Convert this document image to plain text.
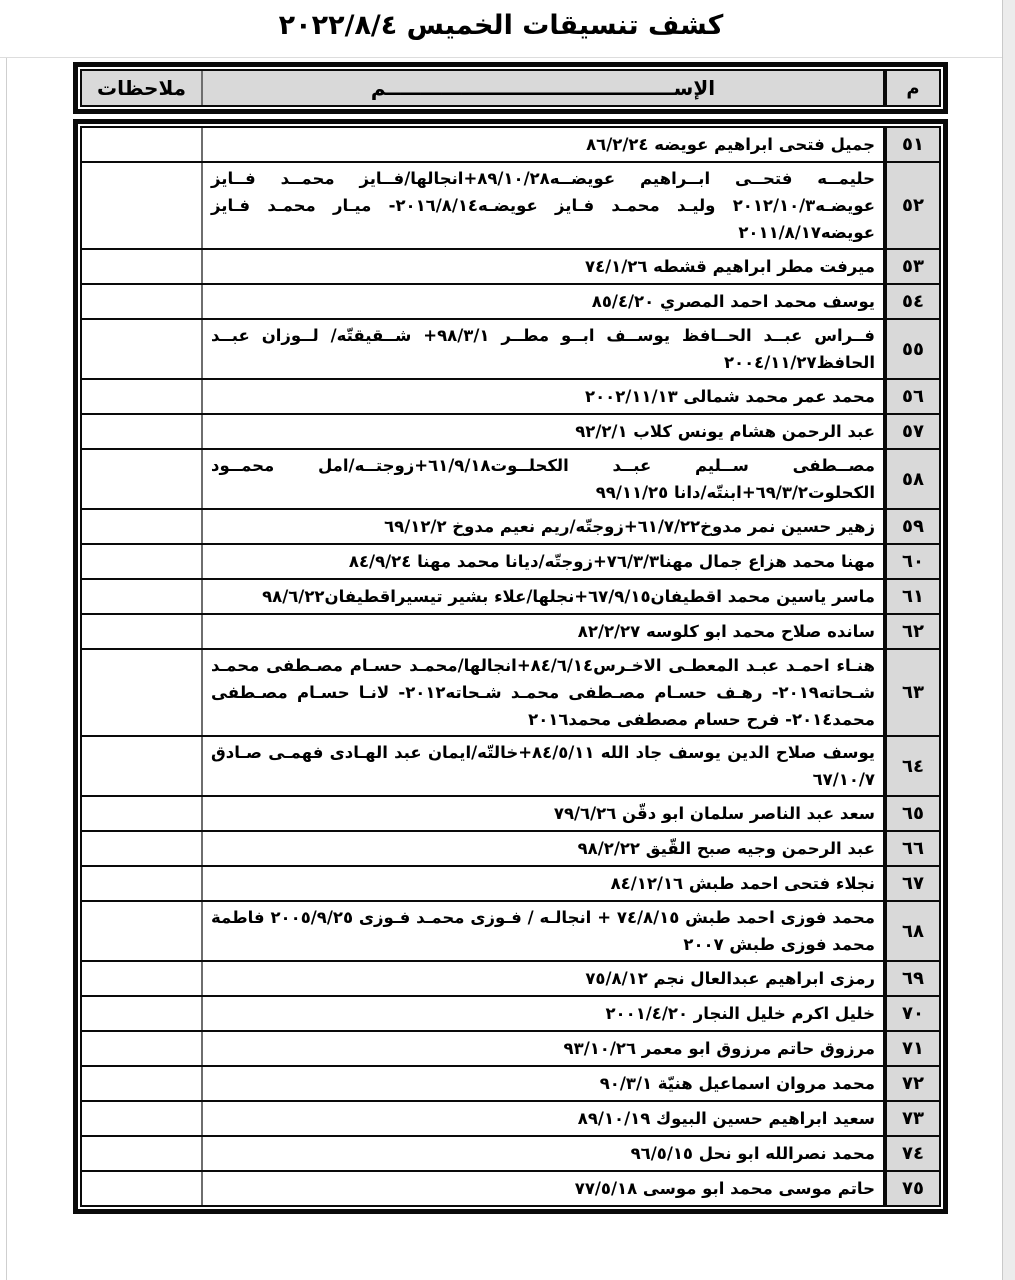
كشف تنسيقات الخميس ٢٠٢٢/٨/٤
م
الإســــــــــــــــــــــــــــــــــــــــــم
ملاحظات
٥١
جميل فتحى ابراهيم عويضه ٨٦/٢/٢٤
٥٢
حليمــه فتحــى ابــراهيم عويضــه٨٩/١٠/٢٨+انجالها/فــايز محمــد فــايز عويضـه٢٠١٢/١٠/٣ وليـد محمـد فـايز عويضـه٢٠١٦/٨/١٤- ميـار محمـد فـايز عويضه٢٠١١/٨/١٧
٥٣
ميرفت مطر ابراهيم قشطه ٧٤/١/٢٦
٥٤
يوسف محمد احمد المصري ٨٥/٤/٢٠
٥٥
فــراس عبــد الحــافظ يوســف ابــو مطــر ٩٨/٣/١+ شــقيقتّه/ لــوزان عبــد الحافظ٢٠٠٤/١١/٢٧
٥٦
محمد عمر محمد شمالى ٢٠٠٢/١١/١٣
٥٧
عبد الرحمن هشام يونس كلاب ٩٢/٢/١
٥٨
مصــطفى ســليم عبــد الكحلــوت٦١/٩/١٨+زوجتــه/امل محمــود الكحلوت٦٩/٣/٢+ابنتّه/دانا ٩٩/١١/٢٥
٥٩
زهير حسين نمر مدوخ٦١/٧/٢٢+زوجتّه/ريم نعيم مدوخ ٦٩/١٢/٢
٦٠
مهنا محمد هزاع جمال مهنا٧٦/٣/٣+زوجتّه/ديانا محمد مهنا ٨٤/٩/٢٤
٦١
ماسر ياسين محمد اقطيفان٦٧/٩/١٥+نجلها/علاء بشير تيسيراقطيفان٩٨/٦/٢٢
٦٢
سانده صلاح محمد ابو كلوسه ٨٢/٢/٢٧
٦٣
هنـاء احمـد عبـد المعطـى الاخـرس٨٤/٦/١٤+انجالها/محمـد حسـام مصـطفى محمـد شـحاته٢٠١٩- رهـف حسـام مصـطفى محمـد شـحاته٢٠١٢- لانـا حسـام مصـطفى محمد٢٠١٤- فرح حسام مصطفى محمد٢٠١٦
٦٤
يوسف صلاح الدين يوسف جاد الله ٨٤/٥/١١+خالتّه/ايمان عبد الهـادى فهمـى صـادق ٦٧/١٠/٧
٦٥
سعد عبد الناصر سلمان ابو دقّن ٧٩/٦/٢٦
٦٦
عبد الرحمن وجيه صبح القّيق ٩٨/٢/٢٢
٦٧
نجلاء فتحى احمد طبش ٨٤/١٢/١٦
٦٨
محمد فوزى احمد طبش ٧٤/٨/١٥ + انجالـه / فـوزى محمـد فـوزى ٢٠٠٥/٩/٢٥ فاطمة محمد فوزى طبش ٢٠٠٧
٦٩
رمزى ابراهيم عبدالعال نجم ٧٥/٨/١٢
٧٠
خليل اكرم خليل النجار ٢٠٠١/٤/٢٠
٧١
مرزوق حاتم مرزوق ابو معمر ٩٣/١٠/٢٦
٧٢
محمد مروان اسماعيل هنيّة ٩٠/٣/١
٧٣
سعيد ابراهيم حسين البيوك ٨٩/١٠/١٩
٧٤
محمد نصرالله ابو نحل ٩٦/٥/١٥
٧٥
حاتم موسى محمد ابو موسى ٧٧/٥/١٨
